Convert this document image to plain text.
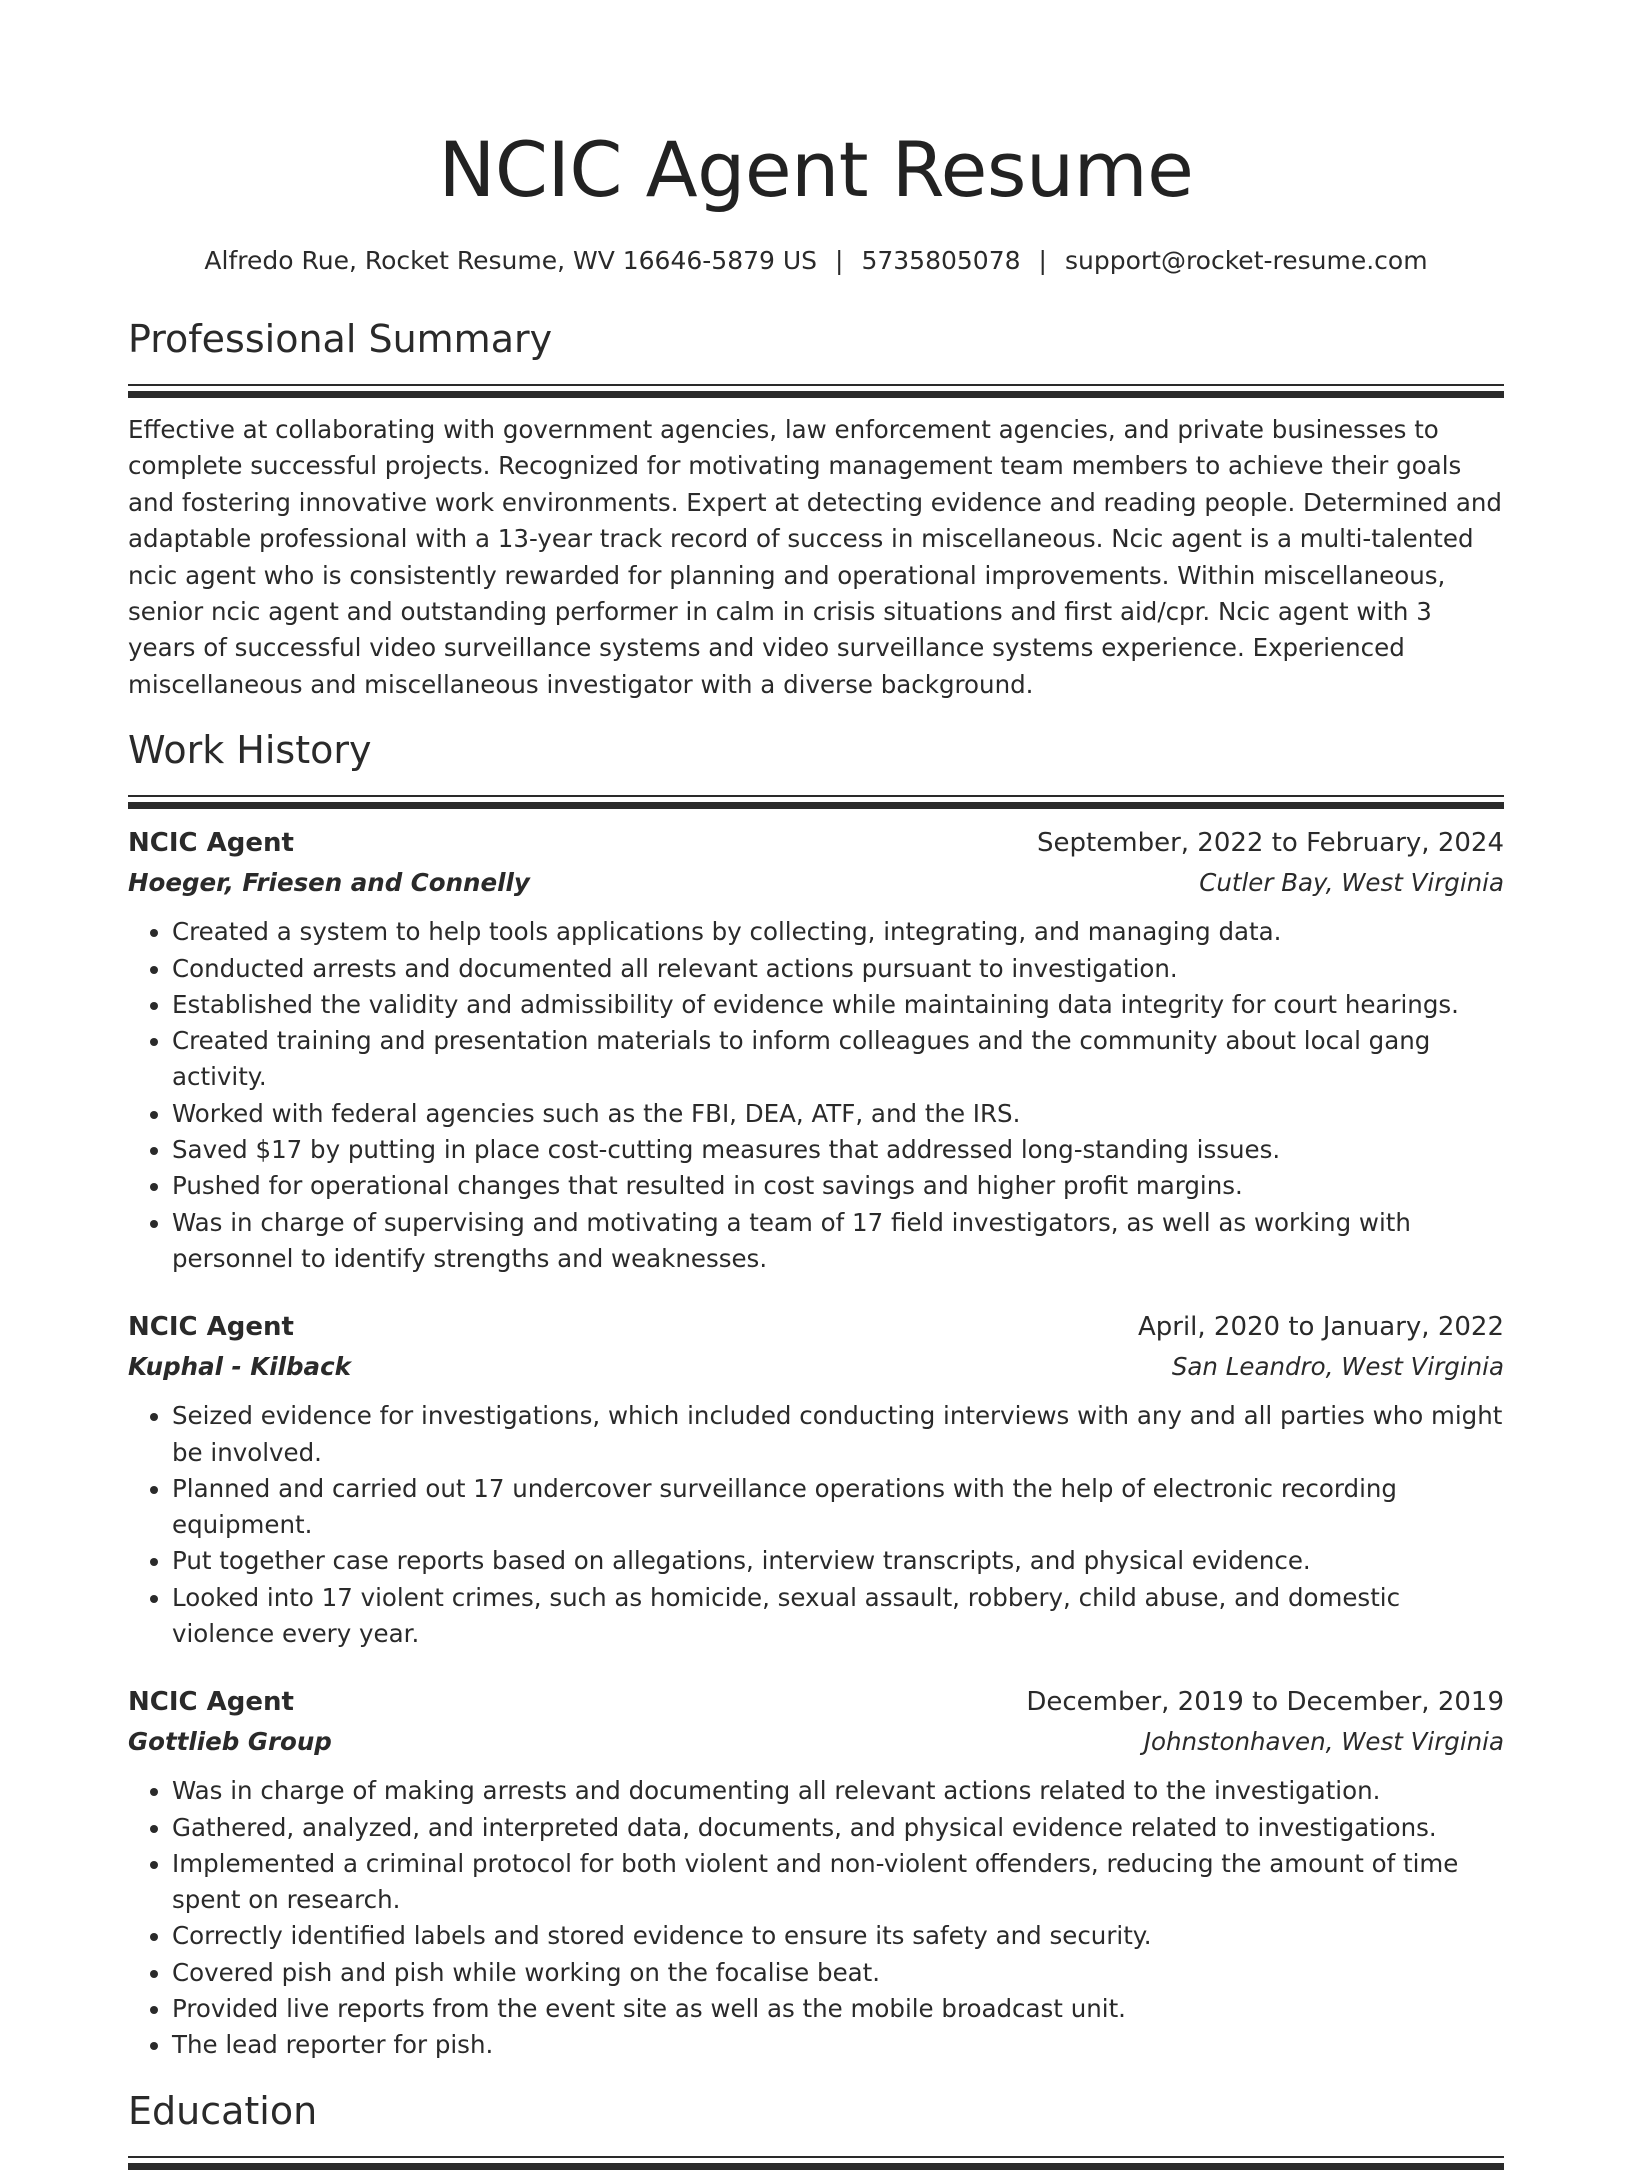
NCIC Agent Resume
Alfredo Rue, Rocket Resume, WV 16646-5879 US | 5735805078 | support@rocket-resume.com
Professional Summary

Effective at collaborating with government agencies, law enforcement agencies, and private businesses to complete successful projects. Recognized for motivating management team members to achieve their goals and fostering innovative work environments. Expert at detecting evidence and reading people. Determined and adaptable professional with a 13-year track record of success in miscellaneous. Ncic agent is a multi-talented ncic agent who is consistently rewarded for planning and operational improvements. Within miscellaneous, senior ncic agent and outstanding performer in calm in crisis situations and first aid/cpr. Ncic agent with 3 years of successful video surveillance systems and video surveillance systems experience. Experienced miscellaneous and miscellaneous investigator with a diverse background.

Work History
NCIC Agent	September, 2022 to February, 2024
Hoeger, Friesen and Connelly	Cutler Bay, West Virginia
• Created a system to help tools applications by collecting, integrating, and managing data.
• Conducted arrests and documented all relevant actions pursuant to investigation.
• Established the validity and admissibility of evidence while maintaining data integrity for court hearings.
• Created training and presentation materials to inform colleagues and the community about local gang activity.
• Worked with federal agencies such as the FBI, DEA, ATF, and the IRS.
• Saved $17 by putting in place cost-cutting measures that addressed long-standing issues.
• Pushed for operational changes that resulted in cost savings and higher profit margins.
• Was in charge of supervising and motivating a team of 17 field investigators, as well as working with personnel to identify strengths and weaknesses.
NCIC Agent	April, 2020 to January, 2022
Kuphal - Kilback	San Leandro, West Virginia
• Seized evidence for investigations, which included conducting interviews with any and all parties who might be involved.
• Planned and carried out 17 undercover surveillance operations with the help of electronic recording equipment.
• Put together case reports based on allegations, interview transcripts, and physical evidence.
• Looked into 17 violent crimes, such as homicide, sexual assault, robbery, child abuse, and domestic violence every year.
NCIC Agent	December, 2019 to December, 2019
Gottlieb Group	Johnstonhaven, West Virginia
• Was in charge of making arrests and documenting all relevant actions related to the investigation.
• Gathered, analyzed, and interpreted data, documents, and physical evidence related to investigations.
• Implemented a criminal protocol for both violent and non-violent offenders, reducing the amount of time spent on research.
• Correctly identified labels and stored evidence to ensure its safety and security.
• Covered pish and pish while working on the focalise beat.
• Provided live reports from the event site as well as the mobile broadcast unit.
• The lead reporter for pish.
Education
